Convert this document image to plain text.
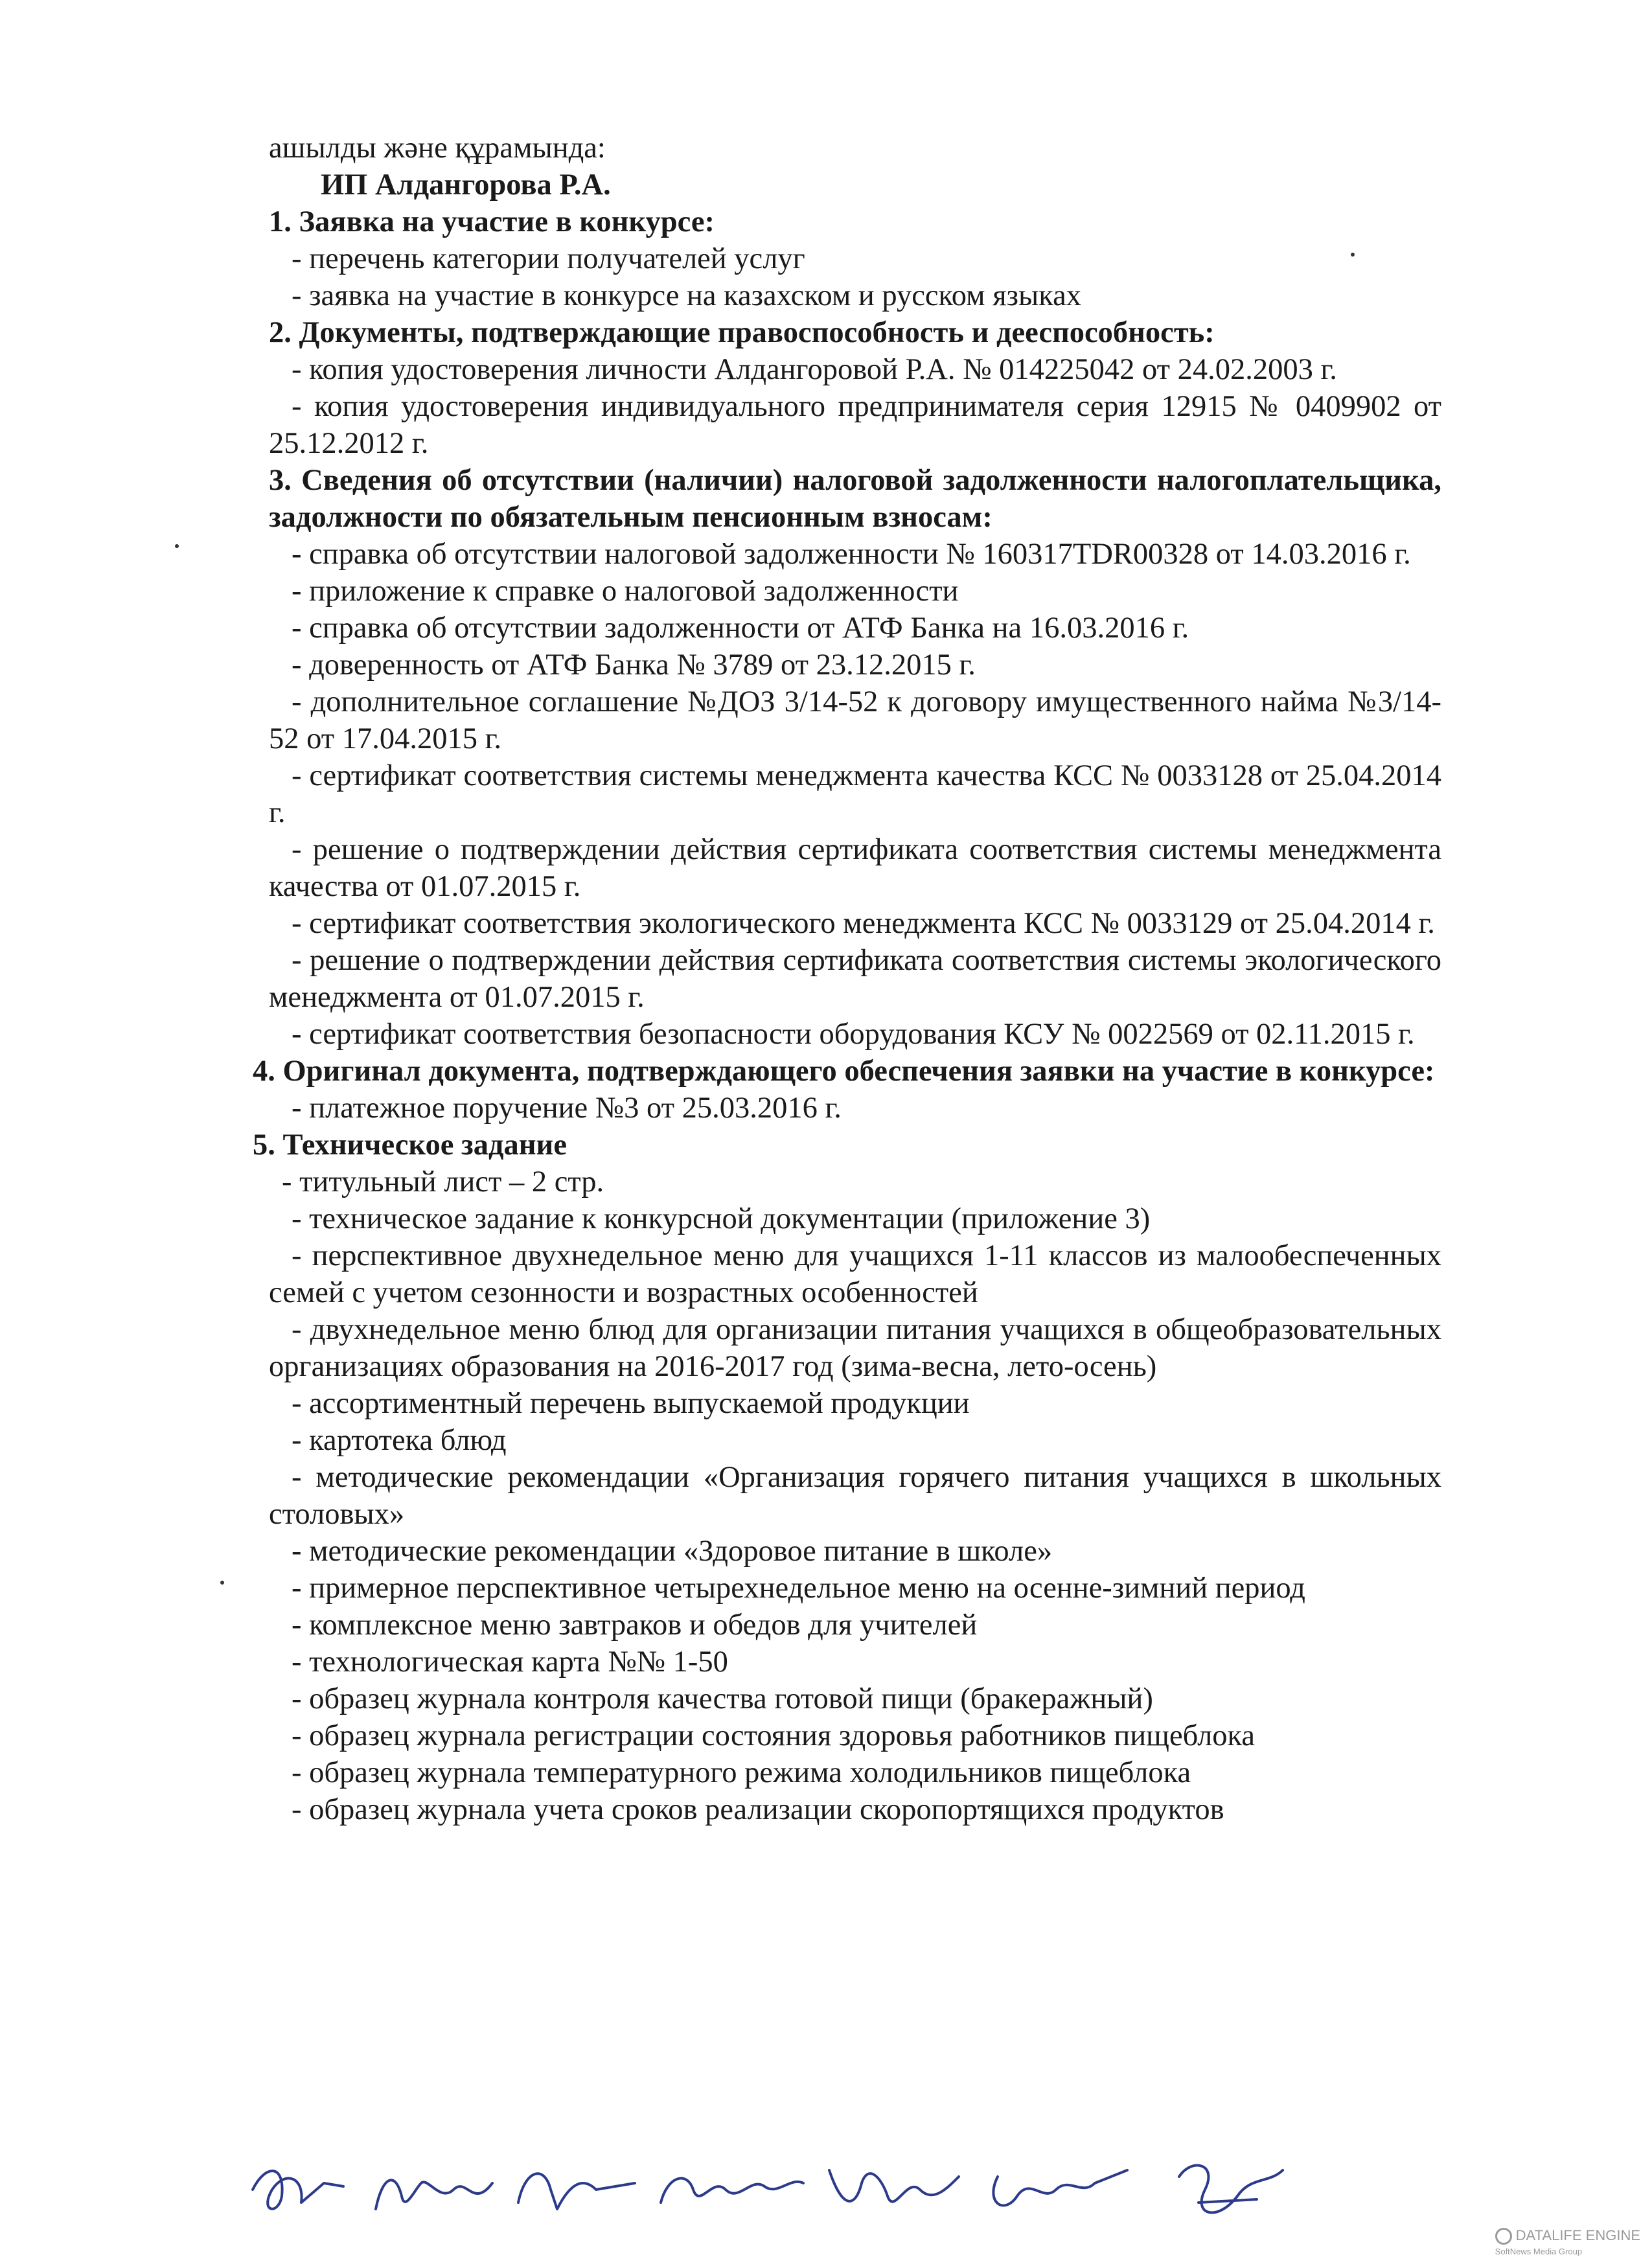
ашылды және құрамында:
ИП Алдангорова Р.А.
1. Заявка на участие в конкурсе:
- перечень категории получателей услуг
- заявка на участие в конкурсе на казахском и русском языках
2. Документы, подтверждающие правоспособность и дееспособность:
- копия удостоверения личности Алдангоровой Р.А. № 014225042 от 24.02.2003 г.
- копия удостоверения индивидуального предпринимателя серия 12915 № 0409902 от 25.12.2012 г.
3. Сведения об отсутствии (наличии) налоговой задолженности налогоплательщика, задолжности по обязательным пенсионным взносам:
- справка об отсутствии налоговой задолженности № 160317TDR00328 от 14.03.2016 г.
- приложение к справке о налоговой задолженности
- справка об отсутствии задолженности от АТФ Банка на 16.03.2016 г.
- доверенность от АТФ Банка № 3789 от 23.12.2015 г.
- дополнительное соглашение №ДОЗ 3/14-52 к договору имущественного найма №3/14-52 от 17.04.2015 г.
- сертификат соответствия системы менеджмента качества КСС № 0033128 от 25.04.2014 г.
- решение о подтверждении действия сертификата соответствия системы менеджмента качества от 01.07.2015 г.
- сертификат соответствия экологического менеджмента КСС № 0033129 от 25.04.2014 г.
- решение о подтверждении действия сертификата соответствия системы экологического менеджмента от 01.07.2015 г.
- сертификат соответствия безопасности оборудования КСУ № 0022569 от 02.11.2015 г.
4. Оригинал документа, подтверждающего обеспечения заявки на участие в конкурсе:
- платежное поручение №3 от 25.03.2016 г.
5. Техническое задание
- титульный лист – 2 стр.
- техническое задание к конкурсной документации (приложение 3)
- перспективное двухнедельное меню для учащихся 1-11 классов из малообеспеченных семей с учетом сезонности и возрастных особенностей
- двухнедельное меню блюд для организации питания учащихся в общеобразовательных организациях образования на 2016-2017 год (зима-весна, лето-осень)
- ассортиментный перечень выпускаемой продукции
- картотека блюд
- методические рекомендации «Организация горячего питания учащихся в школьных столовых»
- методические рекомендации «Здоровое питание в школе»
- примерное перспективное четырехнедельное меню на осенне-зимний период
- комплексное меню завтраков и обедов для учителей
- технологическая карта №№ 1-50
- образец журнала контроля качества готовой пищи (бракеражный)
- образец журнала регистрации состояния здоровья работников пищеблока
- образец журнала температурного режима холодильников пищеблока
- образец журнала учета сроков реализации скоропортящихся продуктов
DATALIFE ENGINE
SoftNews Media Group
